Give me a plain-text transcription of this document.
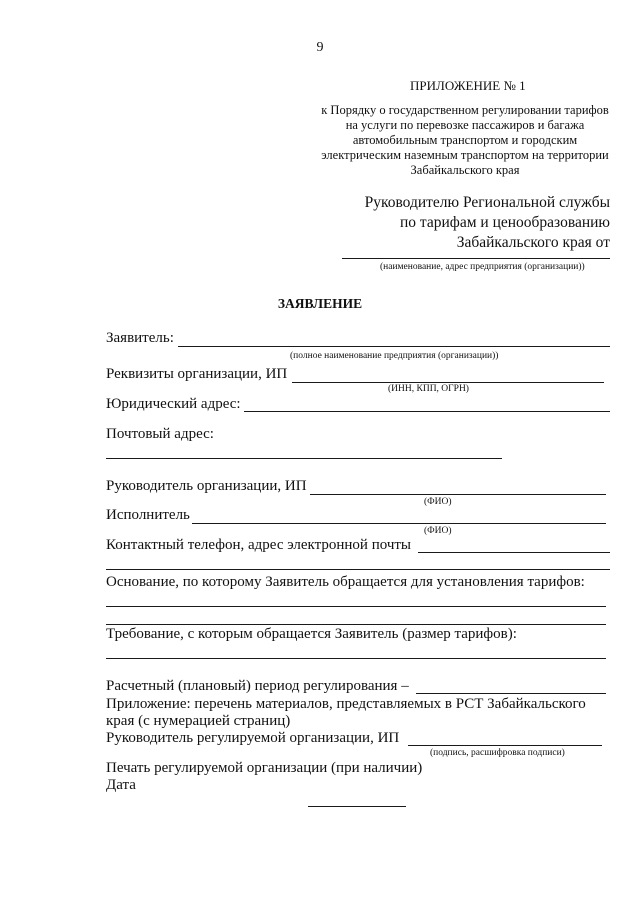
9
ПРИЛОЖЕНИЕ № 1
к Порядку о государственном регулировании тарифов на услуги по перевозке пассажиров и багажа автомобильным транспортом и городским электрическим наземным транспортом на территории Забайкальского края
Руководителю Региональной службы
по тарифам и ценообразованию
Забайкальского края от
(наименование, адрес предприятия (организации))
ЗАЯВЛЕНИЕ
Заявитель:
(полное наименование предприятия (организации))
Реквизиты организации, ИП
(ИНН, КПП, ОГРН)
Юридический адрес:
Почтовый адрес:
Руководитель организации, ИП
(ФИО)
Исполнитель
(ФИО)
Контактный телефон, адрес электронной почты
Основание, по которому Заявитель обращается для установления тарифов:
Требование, с которым обращается Заявитель (размер тарифов):
Расчетный (плановый) период регулирования –
Приложение: перечень материалов, представляемых в РСТ Забайкальского
края (с нумерацией страниц)
Руководитель регулируемой организации, ИП
(подпись, расшифровка подписи)
Печать регулируемой организации (при наличии)
Дата
